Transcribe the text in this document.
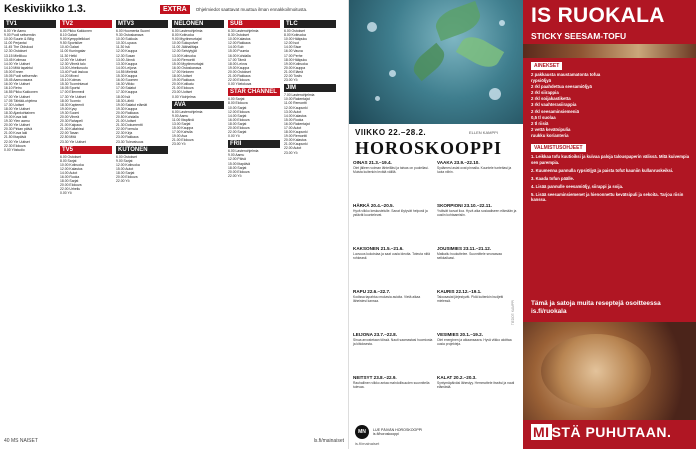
Keskiviikko 1.3.	EXTRA	Ohjelmiedot saattavat muuttua ilman ennakkoilmoitusta.
TV1
6.00 Yle Aamu
9.00 Puoli seitsemän
10.00 Suurin & Bilig
11.00 Perjantai
11.45 The Oldskool
12.30 Ostokset
13.15 Mieliikuu
13.45 Kotimaa
14.00 Yle Uutiset
14.10 Mitä tapahtui
15.00 Ennen
15.05 Puoli seitsemän
15.45 Aamuvasara
16.00 Yle Uutiset
16.10 Retro
16.55 Pikku Kakkonen
17.00 Yle Uutiset
17.05 Tähtää-ohjelma
17.30 Uutiset
18.00 Yle Uutiset
18.30 Ajankohtainen
19.00 Kova laki
19.30 Ylen aamu
20.00 Yle Uutiset
20.30 Pirkan päivä
21.00 Kova laki
21.50 Iltapäivä
22.00 Yle Uutiset
22.30 Elokuva
0.00 Yöstudio
TV2
6.00 Pikku Kakkonen
8.10 Galaxi
9.00 Kymppitelkkari
9.50 Sportslive
10.40 Galaxi
11.00 Kuningatar
11.30 Hetki
12.00 Yle Uutiset
12.30 Vihreä talo
13.00 Urheiluruutu
13.40 Puoli laskua
14.20 Mixed
15.10 Kolmas
15.30 Tuomintavat
16.05 Sportsi
17.00 Ellenmedi
17.30 Yle Uutiset
18.00 Tuomio
18.30 Kapteenit
19.00 Kysy
19.30 Suomi
20.00 Vihreä
20.30 Rahapeli
21.00 Kaipaus
21.30 Kultahissi
22.00 Tasan
22.50 Mitä
23.30 Yle Uutiset
TV5
6.00 Ostokset
8.00 Sarjat
10.00 Kotiruoka
12.00 Kalastus
14.00 Autot
16.00 Ruoka
18.00 Sarjat
20.00 Elokuva
22.00 Urheilu
0.00 Yö
MTV3
6.00 Huomenta Suomi
9.30 Ostoskanava
10.00 Sukkula
10.30 Lupaus
11.30 Isä
12.00 Kauppa
12.30 Susan
13.00 Jännä
13.30 Kauppa
14.00 Leijona
14.55 Mietintä
15.30 Kauppa
16.00 Suomen
16.30 Viikko
17.00 Salatut
17.30 Kauppa
18.00 Isä
18.30 Lähtö
19.00 Salatut elämät
19.30 Kauppa
20.00 Rakkaus
20.50 Kohdalla
21.00 Uutiset
21.30 Dokumentti
22.00 Formula
22.30 Kirja
23.00 Rakkaus
23.30 Tulevaisuus
KUTONEN
6.00 Ostokset
9.00 Sarjat
12.00 Kotiruoka
15.00 Autot
18.00 Sarjat
20.00 Elokuva
22.00 Yö
NELONEN
6.00 Lastenohjelmia
8.00 Kotiruoka
9.00 Myytinmurtajat
10.00 Sukupolvet
11.00 Jäähallitaja
12.00 Selviytyjät
13.00 Kotiruoka
14.00 Remontti
15.00 Myytinmurtajat
16.00 Ostoskanava
17.00 Nelonen
18.00 Uutiset
19.00 Rakkaus
20.00 Kotikatu
21.00 Elokuva
23.00 Uutiset
0.00 Yöohjelma
AVA
6.00 Lastenohjelmia
9.00 Aamu
11.00 Iltapäivä
13.00 Sarjat
15.00 Kauppa
17.00 Kahvila
19.00 Ava
21.00 Elokuva
23.00 Yö
SUB
6.30 Lastenohjelmia
8.30 Ostokset
10.00 Kalastus
12.00 Rakkaus
14.00 Sub
15.00 Puumia
16.00 Kohdalla
17.00 Tämä
18.00 Leivos
19.00 Kauppa
20.00 Ostokset
21.00 Rakkaus
22.00 Elokuva
0.00 Yöelokuva
STAR CHANNEL
6.00 Sarjat
8.00 Elokuva
10.00 Sarjat
12.00 Elokuva
14.00 Sarjat
16.00 Elokuva
18.00 Sarjat
20.00 Elokuva
22.00 Sarjat
0.00 Yö
FRII
6.00 Lastenohjelmia
9.00 Aamu
12.00 Päivä
15.00 Iltapäivä
18.00 Sarjat
20.00 Elokuva
22.00 Yö
TLC
6.00 Ostokset
8.00 Kotiruoka
10.00 Hääpuku
12.00 Isot
14.00 Sisar
16.00 Vauva
17.00 Perhe
18.00 Hääpuku
19.00 Kotiruoka
20.00 Kauppa
21.00 Elämä
22.00 Tositv
23.00 Yö
JIM
7.00 Lastenohjelmia
10.00 Rakentajat
11.00 Remontti
12.00 Kaupunki
13.00 Autot
14.00 Kalastus
15.00 Ruoka
16.00 Rakentajat
17.00 Autot
18.00 Kaupunki
19.00 Remontti
20.00 Kalastus
21.00 Kaupunki
22.00 Autot
23.00 Yö
40 MS NAISET	ls.fi/mainaiset
VIIKKO 22.–28.2.	ELLEN KAMPPI
HOROSKOOPPI
OINAS 21.3.–19.4.
Olet jälleen voiman lähteilläsi ja taivas on puolellasi. Muista kuitenkin levätä välillä.
HÄRKÄ 20.4.–20.5.
Hyvä viikko keskustelulle. Sanat löytyvät helposti ja ystävät kuuntelevat.
KAKSONEN 21.5.–21.6.
Luovuus kukoistaa ja saat uusia ideoita. Toteuta niitä rohkeasti.
RAPU 22.6.–22.7.
Kodissa tapahtuu mukavia asioita. Vietä aikaa läheistesi kanssa.
LEIJONA 23.7.–22.8.
Sinua arvostetaan töissä. Nauti saamastasi huomiosta ja kiitoksesta.
NEITSYT 23.8.–22.9.
Rauhallinen viikko antaa mahdollisuuden suunnitella tulevaa.
VAAKA 23.9.–22.10.
Sydämesi asiat ovat pinnalla. Kuuntele tunteitasi ja luota niihin.
SKORPIONI 23.10.–22.11.
Ystävät tuovat iloa. Hyvä aika sosiaaliseen elämään ja uusiin kohtaamisiin.
JOUSIMIES 23.11.–21.12.
Matkailu houkuttelee. Suunnittele seuraavaa seikkailuasi.
KAURIS 22.12.–19.1.
Talousasiat järjestyvät. Pidä kuitenkin budjetti mielessä.
VESIMIES 20.1.–19.2.
Olet energinen ja aikaansaava. Hyvä viikko aloittaa uusia projekteja.
KALAT 20.2.–20.3.
Syntymäpäiväsi lähestyy. Hemmottele itseäsi ja nauti elämästä.
TIEDOT: KAMPPI
MN	LUE PÄIVÄN HOROSKOOPPI
is.fi/horoskooppi
is.fi/mainaiset
IS RUOKALA
STICKY SEESAM-TOFU
AINEKSET
2 pakkausta maustamatonta tofua
rypsiöljyä
2 rkl paahdettua seesamiöljyä
2 rkl siirappia
2 rkl soijakastiketta
3 rkl vaahterasiirappia
2 rkl seesaminsiemeniä
0,5 tl suolaa
2 tl riisiä
2 vettä kevätsipulia
ruukku korianteria
VALMISTUSOHJEET
1. Leikkaa tofu kuutioiksi ja kuivaa paloja talouspaperin välissä. Mitä kuivempia sen parempia.
2. Kuumenna pannulla rypsiöljyä ja paista tofut kauniin kullanruskeiksi.
3. Kaada tofun päälle.
4. Lisää pannulle seesamiöljy, siirappi ja soija.
5. Lisää seesaminsiemenet ja hienonnettu kevätsipuli ja sekoita. Tarjoa riisin kanssa.
Tämä ja satoja muita reseptejä osoitteessa is.fi/ruokala
MI STÄ PUHUTAAN.
